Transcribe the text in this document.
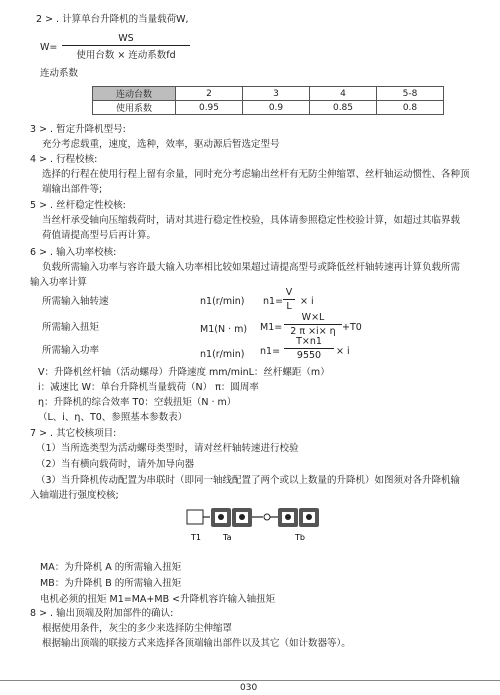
2 > . 计算单台升降机的当量载荷W,
W=
WS
使用台数 × 连动系数fd
连动系数
连动台数	2	3	4	5-8
使用系数	0.95	0.9	0.85	0.8
3 > . 暂定升降机型号:
充分考虑载重，速度，选种，效率，驱动源后暂选定型号
4 > . 行程校核:
选择的行程在使用行程上留有余量，同时充分考虑输出丝杆有无防尘伸缩罩、丝杆轴运动惯性、各种顶
端输出部件等;
5 > . 丝杆稳定性校核:
当丝杆承受轴向压缩载荷时，请对其进行稳定性校验，具体请参照稳定性校验计算，如超过其临界载
荷值请提高型号后再计算。
6 > . 输入功率校核:
负载所需输入功率与容许最大输入功率相比较如果超过请提高型号或降低丝杆轴转速再计算负载所需
输入功率计算
所需输入轴转速	n1(r/min) n1=
V
L × i
所需输入扭矩	M1(N · m) M1=
W×L
2 π ×i× η +T0
所需输入功率	n1(r/min) n1=
T×n1
9550	× i
V：升降机丝杆轴（活动螺母）升降速度 mm/minL：丝杆螺距（m）
i：减速比 W：单台升降机当量载荷（N） π：圆周率
η：升降机的综合效率 T0：空载扭矩（N · m）
（L、i、η、T0、参照基本参数表）
7 > . 其它校核项目:
（1）当所选类型为活动螺母类型时，请对丝杆轴转速进行校验
（2）当有横向载荷时，请外加导向器
（3）当升降机传动配置为串联时（即同一轴线配置了两个或以上数量的升降机）如图须对各升降机输
入轴端进行强度校核;
T1	Ta	Tb
MA：为升降机 A 的所需输入扭矩
MB：为升降机 B 的所需输入扭矩
电机必须的扭矩 M1=MA+MB <升降机容许输入轴扭矩
8 > . 输出顶端及附加部件的确认:
根据使用条件，灰尘的多少来选择防尘伸缩罩
根据输出顶端的联接方式来选择各顶端输出部件以及其它（如计数器等）。
030
